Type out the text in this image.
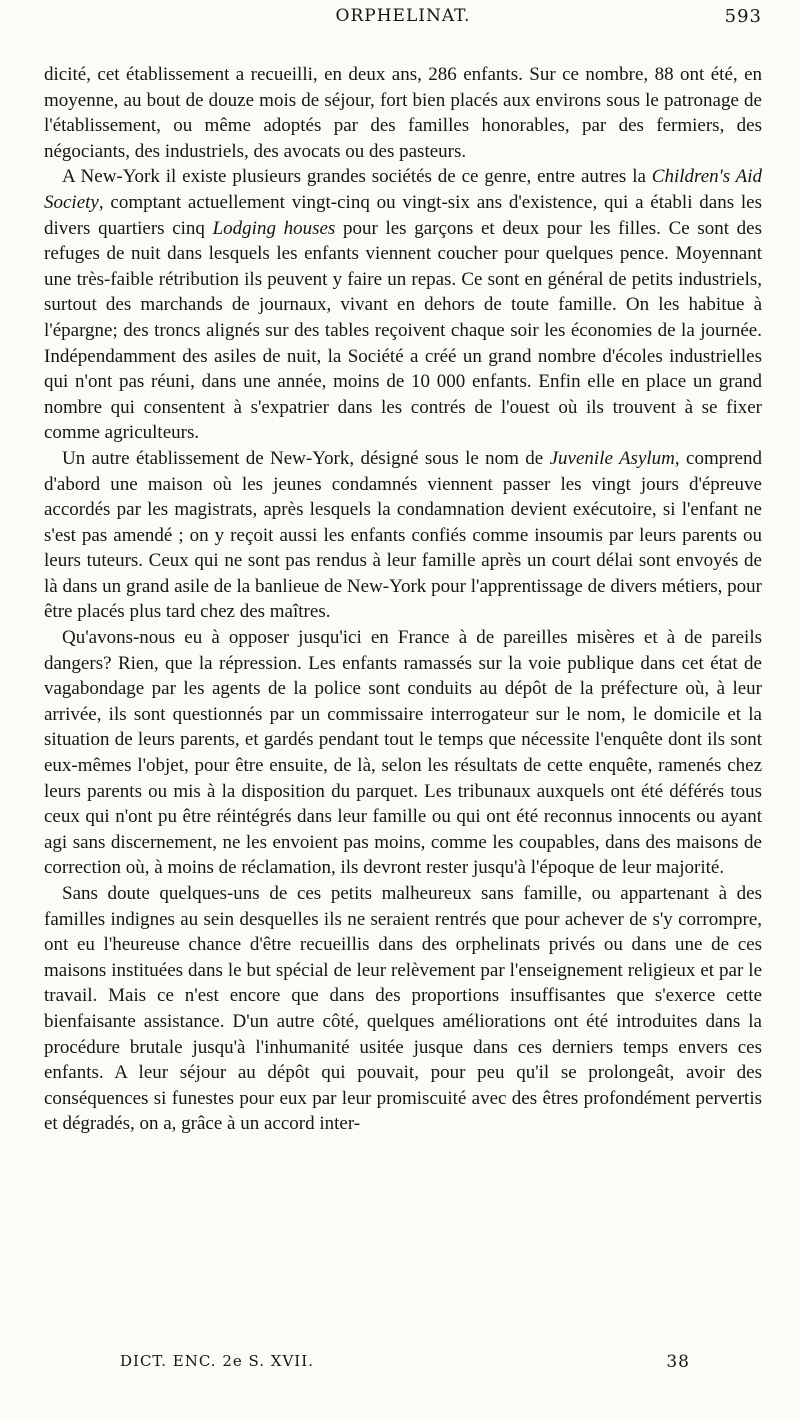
ORPHELINAT.	593

dicité, cet établissement a recueilli, en deux ans, 286 enfants. Sur ce nombre, 88 ont été, en moyenne, au bout de douze mois de séjour, fort bien placés aux environs sous le patronage de l'établissement, ou même adoptés par des familles honorables, par des fermiers, des négociants, des industriels, des avocats ou des pasteurs.

A New-York il existe plusieurs grandes sociétés de ce genre, entre autres la Children's Aid Society, comptant actuellement vingt-cinq ou vingt-six ans d'existence, qui a établi dans les divers quartiers cinq Lodging houses pour les garçons et deux pour les filles. Ce sont des refuges de nuit dans lesquels les enfants viennent coucher pour quelques pence. Moyennant une très-faible rétribution ils peuvent y faire un repas. Ce sont en général de petits industriels, surtout des marchands de journaux, vivant en dehors de toute famille. On les habitue à l'épargne; des troncs alignés sur des tables reçoivent chaque soir les économies de la journée. Indépendamment des asiles de nuit, la Société a créé un grand nombre d'écoles industrielles qui n'ont pas réuni, dans une année, moins de 10 000 enfants. Enfin elle en place un grand nombre qui consentent à s'expatrier dans les contrés de l'ouest où ils trouvent à se fixer comme agriculteurs.

Un autre établissement de New-York, désigné sous le nom de Juvenile Asylum, comprend d'abord une maison où les jeunes condamnés viennent passer les vingt jours d'épreuve accordés par les magistrats, après lesquels la condamnation devient exécutoire, si l'enfant ne s'est pas amendé ; on y reçoit aussi les enfants confiés comme insoumis par leurs parents ou leurs tuteurs. Ceux qui ne sont pas rendus à leur famille après un court délai sont envoyés de là dans un grand asile de la banlieue de New-York pour l'apprentissage de divers métiers, pour être placés plus tard chez des maîtres.

Qu'avons-nous eu à opposer jusqu'ici en France à de pareilles misères et à de pareils dangers? Rien, que la répression. Les enfants ramassés sur la voie publique dans cet état de vagabondage par les agents de la police sont conduits au dépôt de la préfecture où, à leur arrivée, ils sont questionnés par un commissaire interrogateur sur le nom, le domicile et la situation de leurs parents, et gardés pendant tout le temps que nécessite l'enquête dont ils sont eux-mêmes l'objet, pour être ensuite, de là, selon les résultats de cette enquête, ramenés chez leurs parents ou mis à la disposition du parquet. Les tribunaux auxquels ont été déférés tous ceux qui n'ont pu être réintégrés dans leur famille ou qui ont été reconnus innocents ou ayant agi sans discernement, ne les envoient pas moins, comme les coupables, dans des maisons de correction où, à moins de réclamation, ils devront rester jusqu'à l'époque de leur majorité.

Sans doute quelques-uns de ces petits malheureux sans famille, ou appartenant à des familles indignes au sein desquelles ils ne seraient rentrés que pour achever de s'y corrompre, ont eu l'heureuse chance d'être recueillis dans des orphelinats privés ou dans une de ces maisons instituées dans le but spécial de leur relèvement par l'enseignement religieux et par le travail. Mais ce n'est encore que dans des proportions insuffisantes que s'exerce cette bienfaisante assistance. D'un autre côté, quelques améliorations ont été introduites dans la procédure brutale jusqu'à l'inhumanité usitée jusque dans ces derniers temps envers ces enfants. A leur séjour au dépôt qui pouvait, pour peu qu'il se prolongeât, avoir des conséquences si funestes pour eux par leur promiscuité avec des êtres profondément pervertis et dégradés, on a, grâce à un accord inter-

DICT. ENC. 2e S. XVII.	38
